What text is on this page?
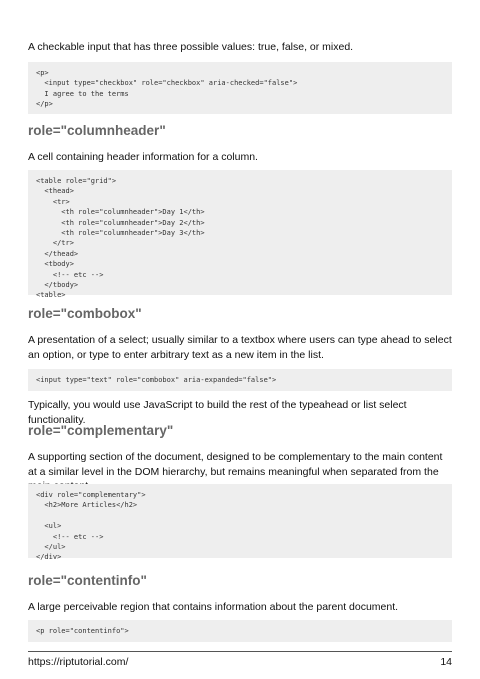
A checkable input that has three possible values: true, false, or mixed.

<p>
<input type="checkbox" role="checkbox" aria-checked="false">
I agree to the terms
</p>
role="columnheader"

A cell containing header information for a column.

<table role="grid">
<thead>
<tr>
<th role="columnheader">Day 1</th>
<th role="columnheader">Day 2</th>
<th role="columnheader">Day 3</th>
</tr>
</thead>
<tbody>
<!-- etc -->
</tbody>
<table>
role="combobox"

A presentation of a select; usually similar to a textbox where users can type ahead to select an option, or type to enter arbitrary text as a new item in the list.

<input type="text" role="combobox" aria-expanded="false">

Typically, you would use JavaScript to build the rest of the typeahead or list select functionality.

role="complementary"

A supporting section of the document, designed to be complementary to the main content at a similar level in the DOM hierarchy, but remains meaningful when separated from the

<div role="complementary">
<h2>More Articles</h2>

<ul>
<!-- etc -->
</ul>
</div>
role="contentinfo"

A large perceivable region that contains information about the parent document.

<p role="contentinfo">
https://riptutorial.com/	14
